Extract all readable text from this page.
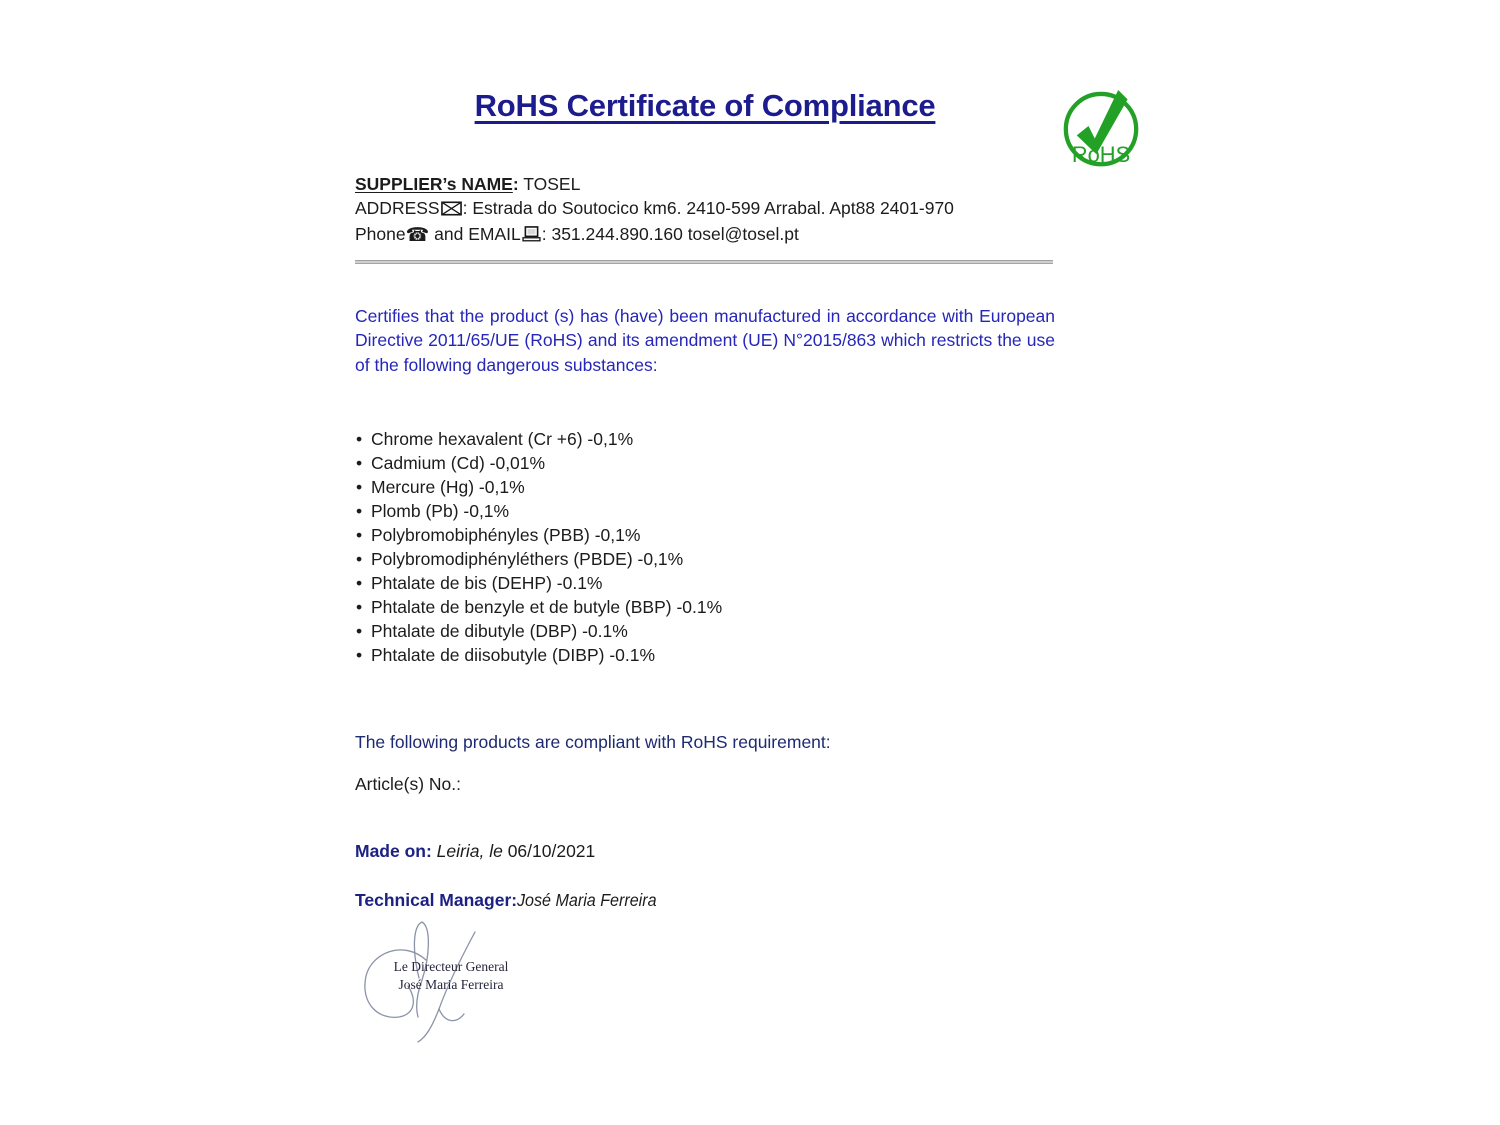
RoHS Certificate of Compliance
RoHS
SUPPLIER’s NAME: TOSEL
ADDRESS : Estrada do Soutocico km6. 2410-599 Arrabal. Apt88 2401-970
Phone☎ and EMAIL : 351.244.890.160 tosel@tosel.pt
Certifies that the product (s) has (have) been manufactured in accordance with European Directive 2011/65/UE (RoHS) and its amendment (UE) N°2015/863 which restricts the use of the following dangerous substances:
• Chrome hexavalent (Cr +6) -0,1%
• Cadmium (Cd) -0,01%
• Mercure (Hg) -0,1%
• Plomb (Pb) -0,1%
• Polybromobiphényles (PBB) -0,1%
• Polybromodiphényléthers (PBDE) -0,1%
• Phtalate de bis (DEHP) -0.1%
• Phtalate de benzyle et de butyle (BBP) -0.1%
• Phtalate de dibutyle (DBP) -0.1%
• Phtalate de diisobutyle (DIBP) -0.1%
The following products are compliant with RoHS requirement:
Article(s) No.:
Made on: Leiria, le 06/10/2021
Technical Manager:José Maria Ferreira
Le Directeur General
José Maria Ferreira
